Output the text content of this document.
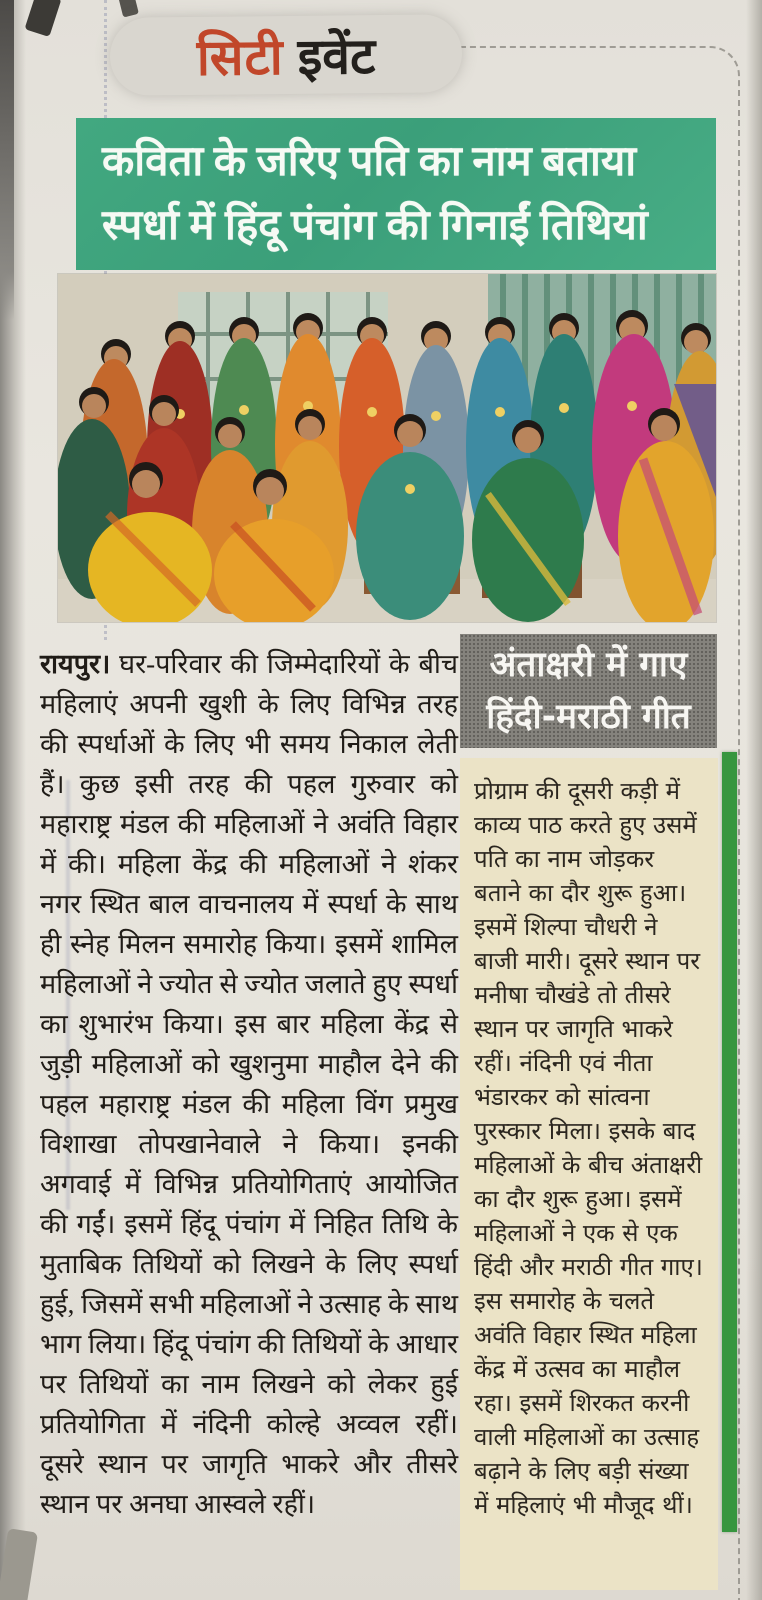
सिटी इवेंट
कविता के जरिए पति का नाम बताया
स्पर्धा में हिंदू पंचांग की गिनाईं तिथियां
रायपुर। घर-परिवार की जिम्मेदारियों के बीच महिलाएं अपनी खुशी के लिए विभिन्न तरह की स्पर्धाओं के लिए भी समय निकाल लेती हैं। कुछ इसी तरह की पहल गुरुवार को महाराष्ट्र मंडल की महिलाओं ने अवंति विहार में की। महिला केंद्र की महिलाओं ने शंकर नगर स्थित बाल वाचनालय में स्पर्धा के साथ ही स्नेह मिलन समारोह किया। इसमें शामिल महिलाओं ने ज्योत से ज्योत जलाते हुए स्पर्धा का शुभारंभ किया। इस बार महिला केंद्र से जुड़ी महिलाओं को खुशनुमा माहौल देने की पहल महाराष्ट्र मंडल की महिला विंग प्रमुख विशाखा तोपखानेवाले ने किया। इनकी अगवाई में विभिन्न प्रतियोगिताएं आयोजित की गईं। इसमें हिंदू पंचांग में निहित तिथि के मुताबिक तिथियों को लिखने के लिए स्पर्धा हुई, जिसमें सभी महिलाओं ने उत्साह के साथ भाग लिया। हिंदू पंचांग की तिथियों के आधार पर तिथियों का नाम लिखने को लेकर हुई प्रतियोगिता में नंदिनी कोल्हे अव्वल रहीं। दूसरे स्थान पर जागृति भाकरे और तीसरे स्थान पर अनघा आस्वले रहीं।
अंताक्षरी में गाए
हिंदी-मराठी गीत
प्रोग्राम की दूसरी कड़ी में काव्य पाठ करते हुए उसमें पति का नाम जोड़कर बताने का दौर शुरू हुआ। इसमें शिल्पा चौधरी ने बाजी मारी। दूसरे स्थान पर मनीषा चौखंडे तो तीसरे स्थान पर जागृति भाकरे रहीं। नंदिनी एवं नीता भंडारकर को सांत्वना पुरस्कार मिला। इसके बाद महिलाओं के बीच अंताक्षरी का दौर शुरू हुआ। इसमें महिलाओं ने एक से एक हिंदी और मराठी गीत गाए। इस समारोह के चलते अवंति विहार स्थित महिला केंद्र में उत्सव का माहौल रहा। इसमें शिरकत करनी वाली महिलाओं का उत्साह बढ़ाने के लिए बड़ी संख्या में महिलाएं भी मौजूद थीं।
